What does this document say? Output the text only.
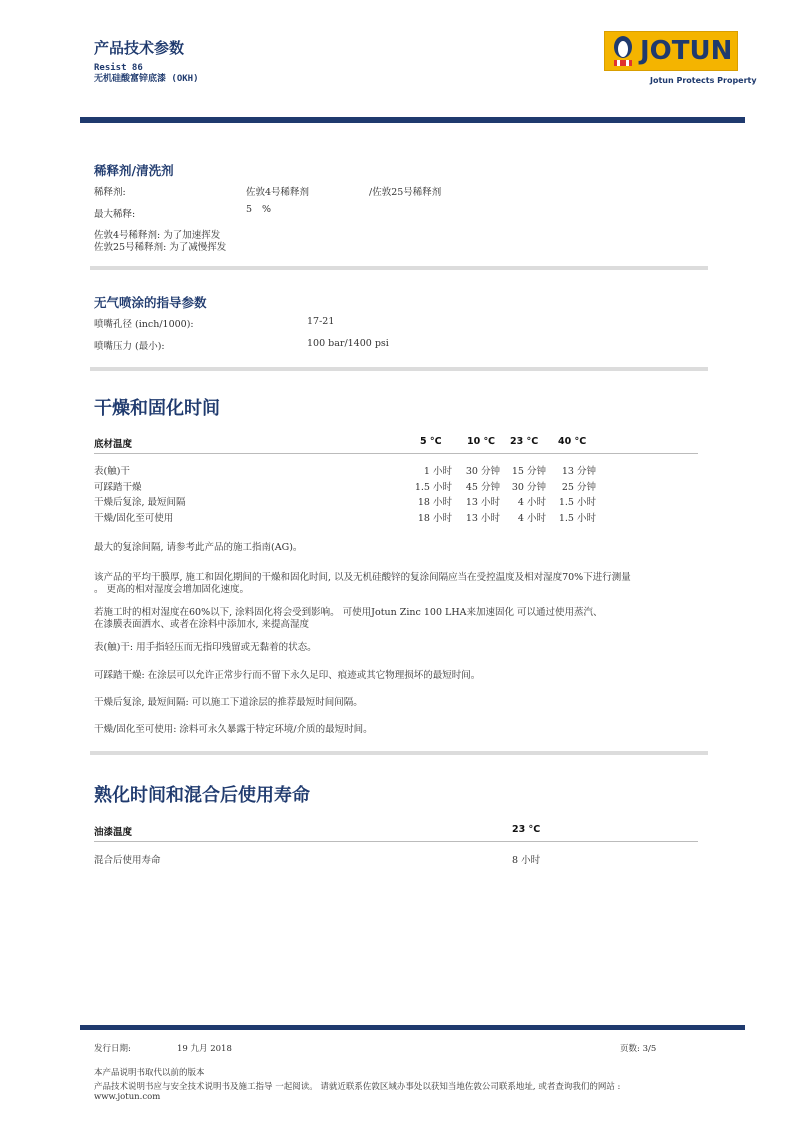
产品技术参数
Resist 86
无机硅酸富锌底漆 (OKH)
JOTUN
Jotun Protects Property
稀释剂/清洗剂
稀释剂:	佐敦4号稀释剂	/佐敦25号稀释剂
最大稀释:	5 %
佐敦4号稀释剂: 为了加速挥发
佐敦25号稀释剂: 为了减慢挥发
无气喷涂的指导参数
喷嘴孔径 (inch/1000):	17-21
喷嘴压力 (最小):	100 bar/1400 psi
干燥和固化时间
底材温度	5 °C	10 ℃ 23 °C 40 °C
表(触)干	1 小时	30 分钟	15 分钟	13 分钟
可踩踏干燥	1.5 小时	45 分钟	30 分钟	25 分钟
干燥后复涂, 最短间隔	18 小时	13 小时	4 小时	1.5 小时
干燥/固化至可使用	18 小时	13 小时	4 小时	1.5 小时
最大的复涂间隔, 请参考此产品的施工指南(AG)。
该产品的平均干膜厚, 施工和固化期间的干燥和固化时间, 以及无机硅酸锌的复涂间隔应当在受控温度及相对湿度70%下进行测量
。 更高的相对湿度会增加固化速度。
若施工时的相对湿度在60%以下, 涂料固化将会受到影响。 可使用Jotun Zinc 100 LHA来加速固化 可以通过使用蒸汽、
在漆膜表面洒水、或者在涂料中添加水, 来提高湿度
表(触)干: 用手指轻压而无指印残留或无黏着的状态。
可踩踏干燥: 在涂层可以允许正常步行而不留下永久足印、痕迹或其它物理损坏的最短时间。
干燥后复涂, 最短间隔: 可以施工下道涂层的推荐最短时间间隔。
干燥/固化至可使用: 涂料可永久暴露于特定环境/介质的最短时间。
熟化时间和混合后使用寿命
油漆温度	23 °C
混合后使用寿命	8 小时
发行日期:	19 九月 2018	页数: 3/5
本产品说明书取代以前的版本
产品技术说明书应与安全技术说明书及施工指导 一起阅读。 请就近联系佐敦区域办事处以获知当地佐敦公司联系地址, 或者查询我们的网站 :
www.jotun.com
